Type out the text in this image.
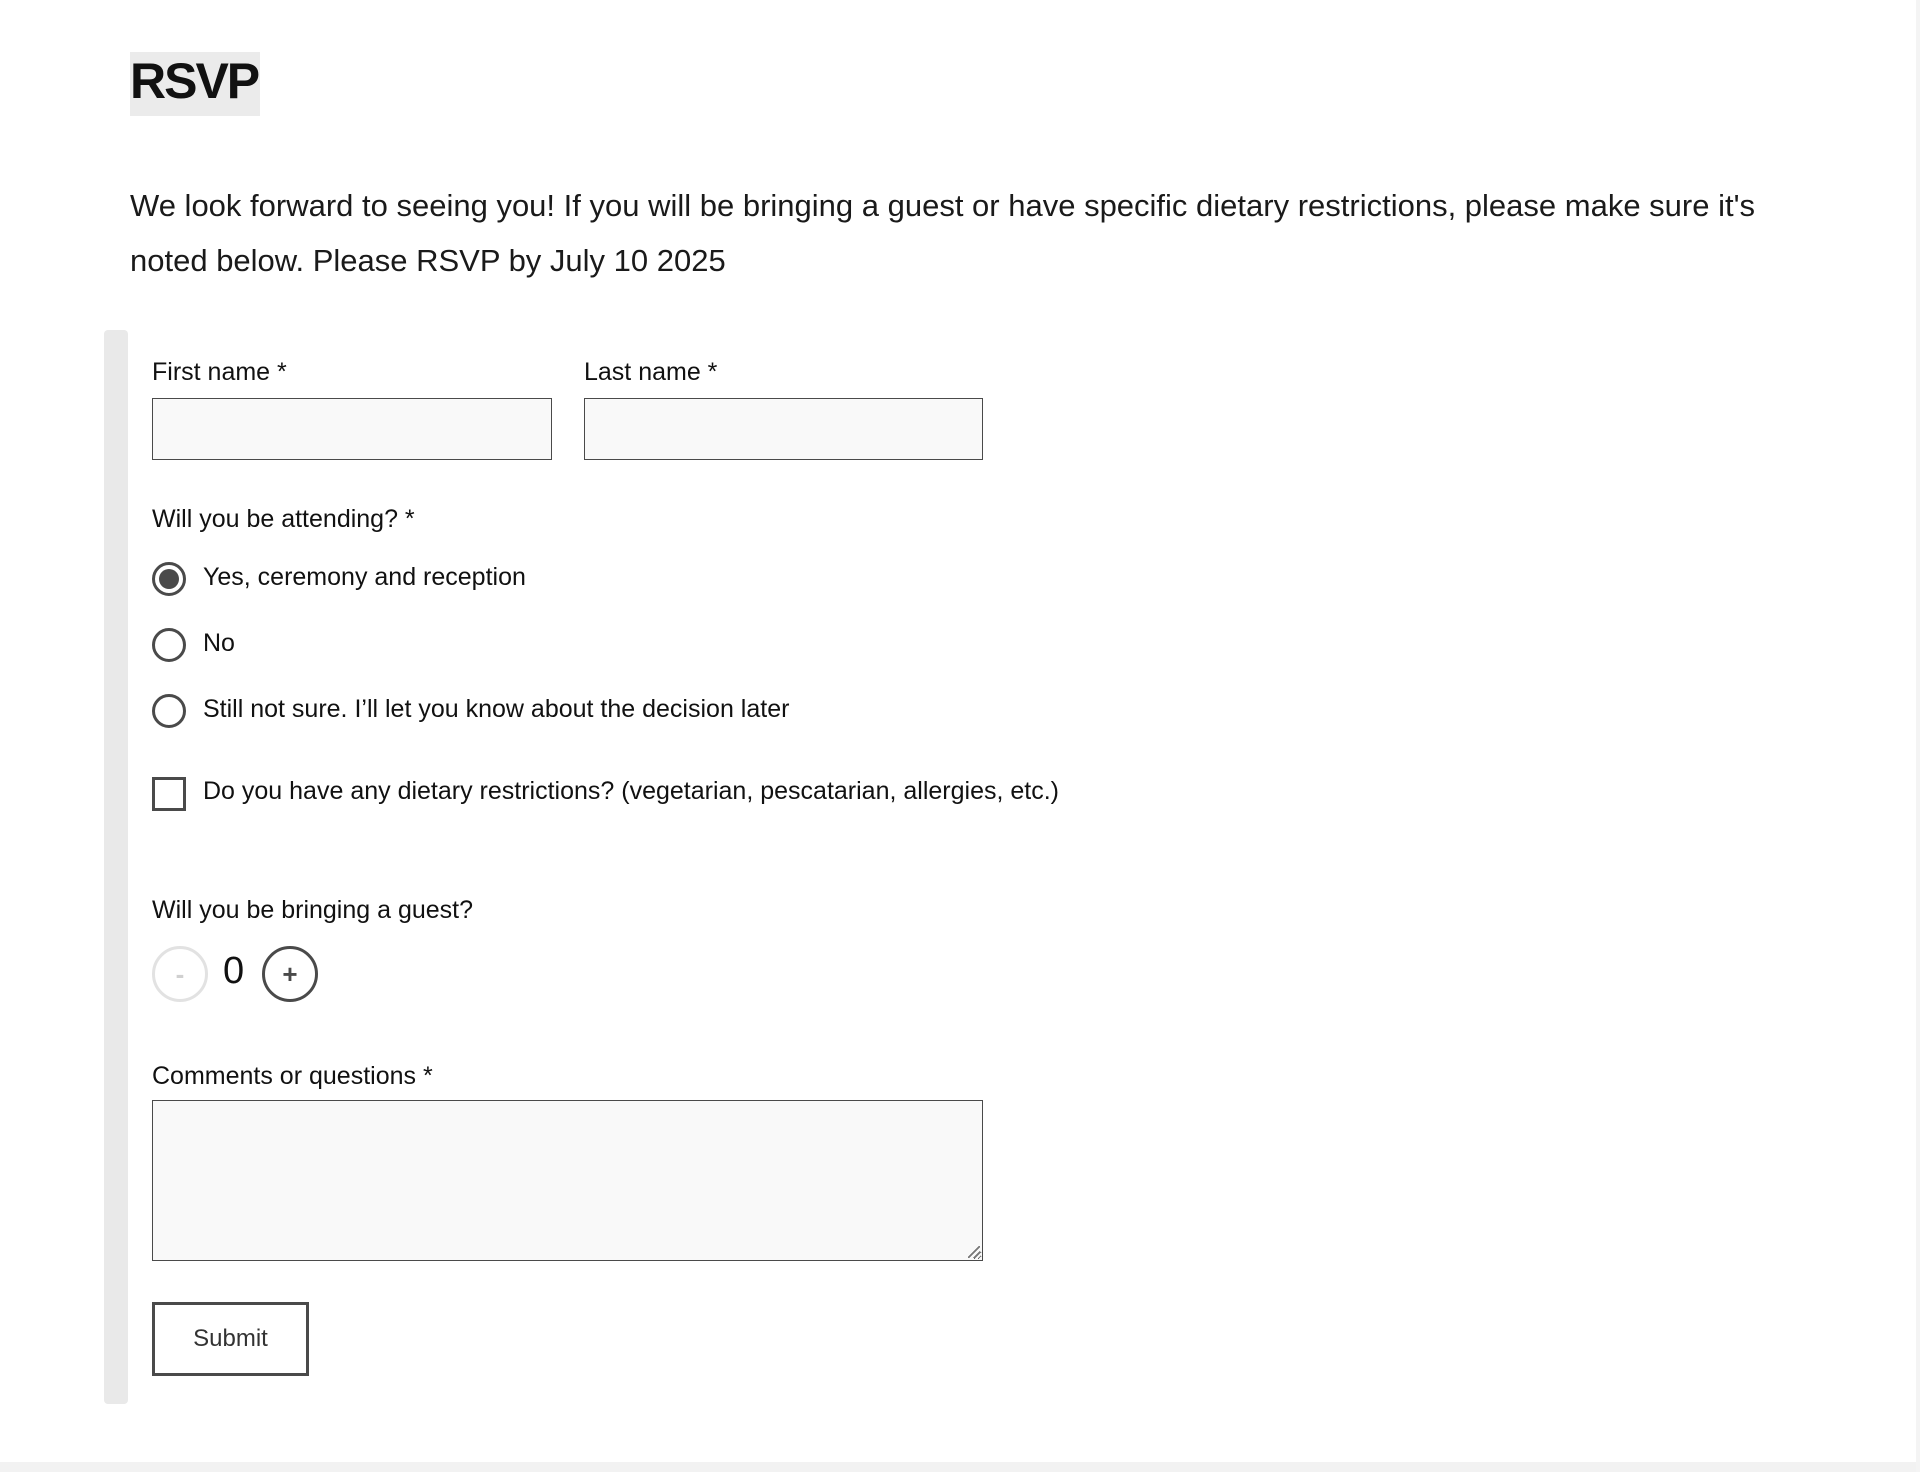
RSVP

We look forward to seeing you! If you will be bringing a guest or have specific dietary restrictions, please make sure it's noted below. Please RSVP by July 10 2025

First name *	Last name *
Will you be attending? *
Yes, ceremony and reception
No
Still not sure. I’ll let you know about the decision later
Do you have any dietary restrictions? (vegetarian, pescatarian, allergies, etc.)
Will you be bringing a guest?
- 0 +
Comments or questions *
Submit
